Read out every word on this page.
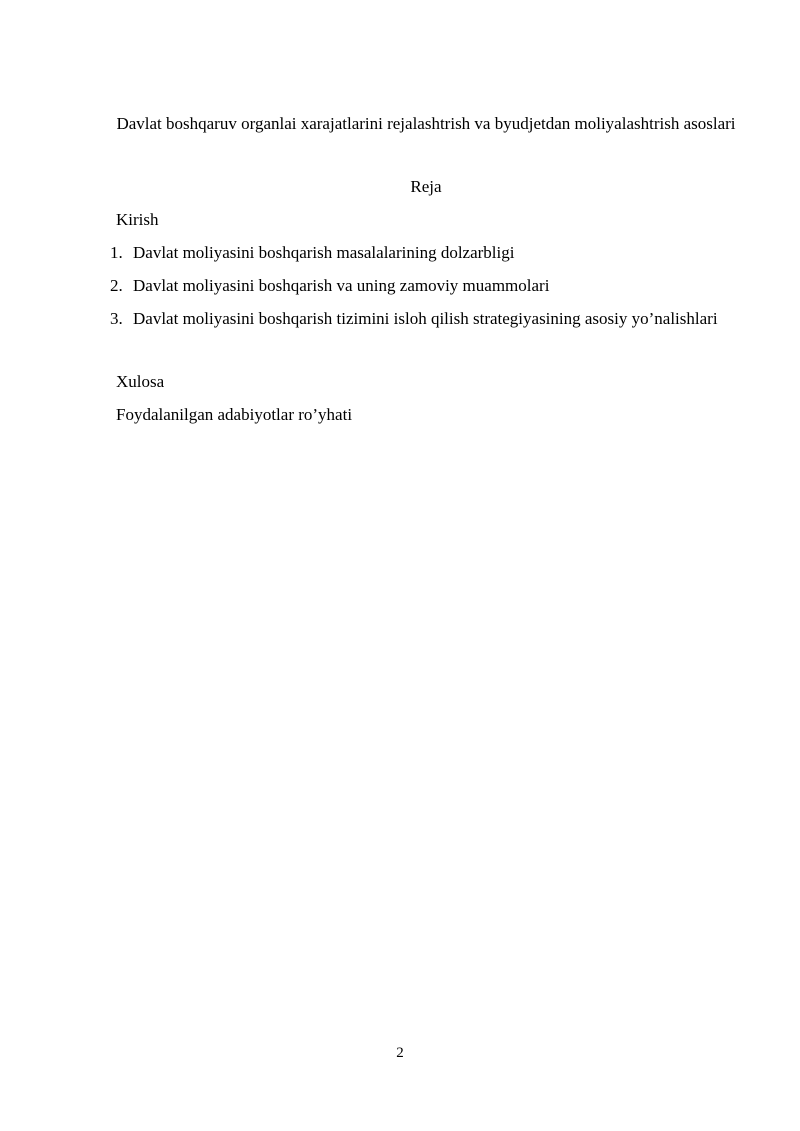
Davlat boshqaruv organlai xarajatlarini rejalashtrish va byudjetdan moliyalashtrish asoslari

Reja

Kirish

1. Davlat moliyasini boshqarish masalalarining dolzarbligi
2. Davlat moliyasini boshqarish va uning zamoviy muammolari
3. Davlat moliyasini boshqarish tizimini isloh qilish strategiyasining asosiy yo’nalishlari

Xulosa

Foydalanilgan adabiyotlar ro’yhati

2
